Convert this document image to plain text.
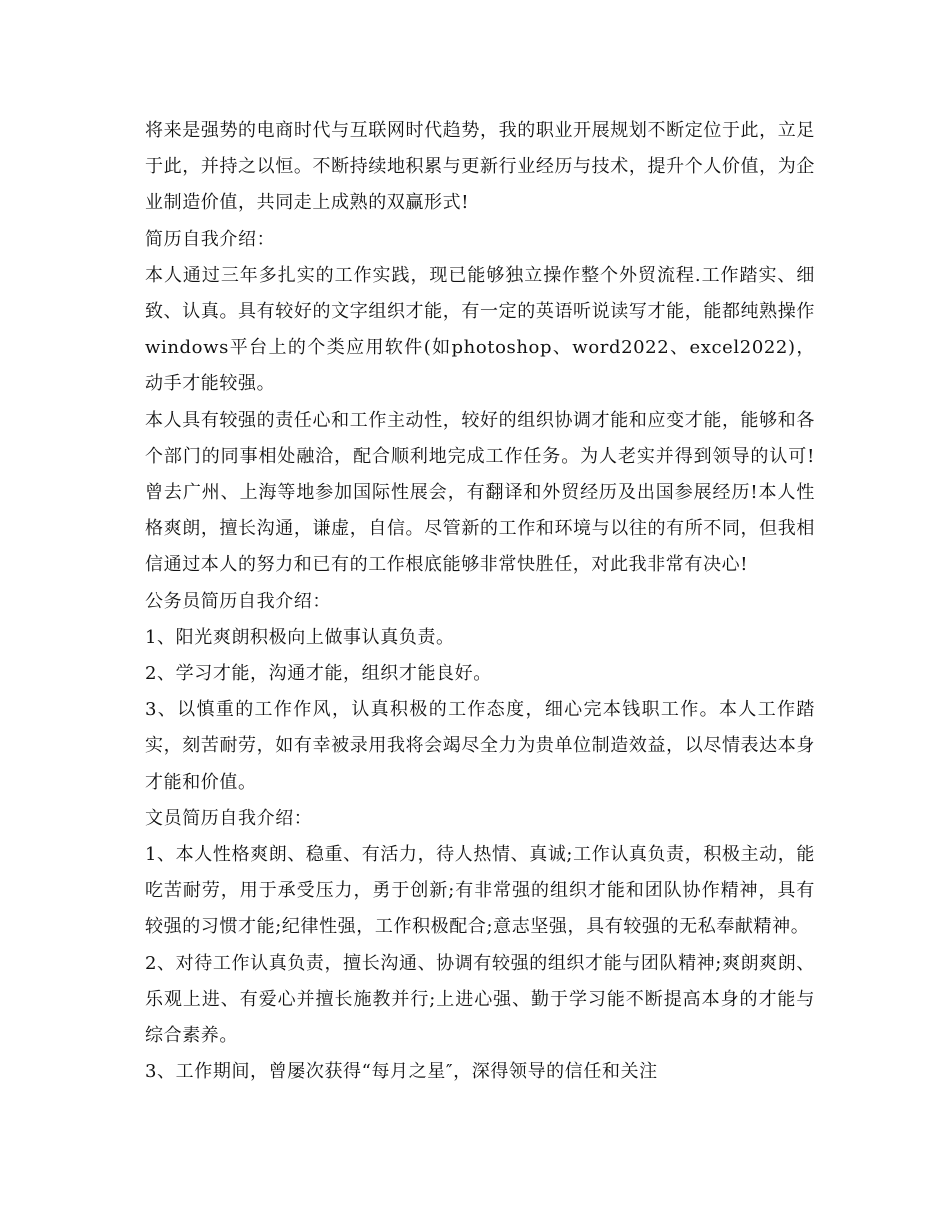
将来是强势的电商时代与互联网时代趋势，我的职业开展规划不断定位于此，立足于此，并持之以恒。不断持续地积累与更新行业经历与技术，提升个人价值，为企业制造价值，共同走上成熟的双赢形式!

简历自我介绍：

本人通过三年多扎实的工作实践，现已能够独立操作整个外贸流程.工作踏实、细致、认真。具有较好的文字组织才能，有一定的英语听说读写才能，能都纯熟操作windows平台上的个类应用软件(如photoshop、word2022、excel2022)，动手才能较强。

本人具有较强的责任心和工作主动性，较好的组织协调才能和应变才能，能够和各个部门的同事相处融洽，配合顺利地完成工作任务。为人老实并得到领导的认可!曾去广州、上海等地参加国际性展会，有翻译和外贸经历及出国参展经历!本人性格爽朗，擅长沟通，谦虚，自信。尽管新的工作和环境与以往的有所不同，但我相信通过本人的努力和已有的工作根底能够非常快胜任，对此我非常有决心!

公务员简历自我介绍：

1、阳光爽朗积极向上做事认真负责。

2、学习才能，沟通才能，组织才能良好。

3、以慎重的工作作风，认真积极的工作态度，细心完本钱职工作。本人工作踏实，刻苦耐劳，如有幸被录用我将会竭尽全力为贵单位制造效益，以尽情表达本身才能和价值。

文员简历自我介绍：

1、本人性格爽朗、稳重、有活力，待人热情、真诚;工作认真负责，积极主动，能吃苦耐劳，用于承受压力，勇于创新;有非常强的组织才能和团队协作精神，具有较强的习惯才能;纪律性强，工作积极配合;意志坚强，具有较强的无私奉献精神。

2、对待工作认真负责，擅长沟通、协调有较强的组织才能与团队精神;爽朗爽朗、乐观上进、有爱心并擅长施教并行;上进心强、勤于学习能不断提高本身的才能与综合素养。

3、工作期间，曾屡次获得“每月之星″，深得领导的信任和关注
